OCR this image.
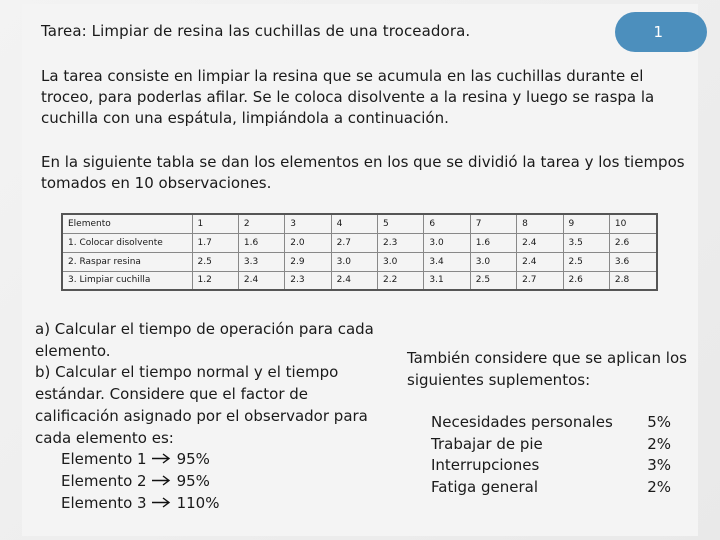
Tarea: Limpiar de resina las cuchillas de una troceadora.	1
La tarea consiste en limpiar la resina que se acumula en las cuchillas durante el troceo, para poderlas afilar. Se le coloca disolvente a la resina y luego se raspa la cuchilla con una espátula, limpiándola a continuación.
En la siguiente tabla se dan los elementos en los que se dividió la tarea y los tiempos tomados en 10 observaciones.
Elemento	1	2	3	4	5	6	7	8	9	10
1. Colocar disolvente	1.7	1.6	2.0	2.7	2.3	3.0	1.6	2.4	3.5	2.6
2. Raspar resina	2.5	3.3	2.9	3.0	3.0	3.4	3.0	2.4	2.5	3.6
3. Limpiar cuchilla	1.2	2.4	2.3	2.4	2.2	3.1	2.5	2.7	2.6	2.8
a) Calcular el tiempo de operación para cada elemento.
b) Calcular el tiempo normal y el tiempo estándar. Considere que el factor de calificación asignado por el observador para cada elemento es:
Elemento 1 95%
Elemento 2 95%
Elemento 3 110%
También considere que se aplican los siguientes suplementos:
Necesidades personales 5%
Trabajar de pie	2%
Interrupciones	3%
Fatiga general	2%
